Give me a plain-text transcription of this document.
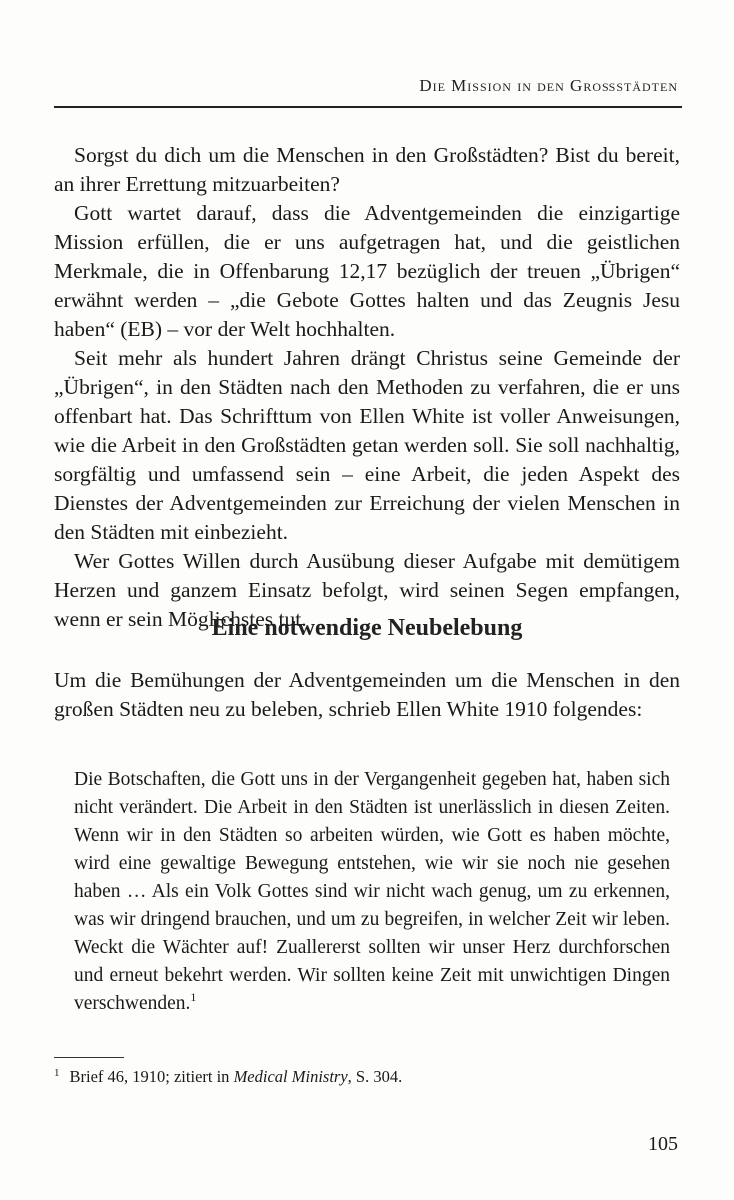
Die Mission in den Großstädten

Sorgst du dich um die Menschen in den Großstädten? Bist du bereit, an ihrer Errettung mitzuarbeiten?

Gott wartet darauf, dass die Adventgemeinden die einzigartige Mission erfüllen, die er uns aufgetragen hat, und die geistlichen Merkmale, die in Offenbarung 12,17 bezüglich der treuen „Übrigen“ erwähnt werden – „die Gebote Gottes halten und das Zeugnis Jesu haben“ (EB) – vor der Welt hochhalten.

Seit mehr als hundert Jahren drängt Christus seine Gemeinde der „Übrigen“, in den Städten nach den Methoden zu verfahren, die er uns offenbart hat. Das Schrifttum von Ellen White ist voller Anweisungen, wie die Arbeit in den Großstädten getan werden soll. Sie soll nachhaltig, sorgfältig und umfassend sein – eine Arbeit, die jeden Aspekt des Dienstes der Adventgemeinden zur Erreichung der vielen Menschen in den Städten mit einbezieht.

Wer Gottes Willen durch Ausübung dieser Aufgabe mit demütigem Herzen und ganzem Einsatz befolgt, wird seinen Segen empfangen, wenn er sein Möglichstes tut.

Eine notwendige Neubelebung

Um die Bemühungen der Adventgemeinden um die Menschen in den großen Städten neu zu beleben, schrieb Ellen White 1910 folgendes:

Die Botschaften, die Gott uns in der Vergangenheit gegeben hat, haben sich nicht verändert. Die Arbeit in den Städten ist unerlässlich in diesen Zeiten. Wenn wir in den Städten so arbeiten würden, wie Gott es haben möchte, wird eine gewaltige Bewegung entstehen, wie wir sie noch nie gesehen haben … Als ein Volk Gottes sind wir nicht wach genug, um zu erkennen, was wir dringend brauchen, und um zu begreifen, in welcher Zeit wir leben. Weckt die Wächter auf! Zuallererst sollten wir unser Herz durchforschen und erneut bekehrt werden. Wir sollten keine Zeit mit unwichtigen Dingen verschwenden.$^1$
$^1$ Brief 46, 1910; zitiert in Medical Ministry, S. 304.
105
